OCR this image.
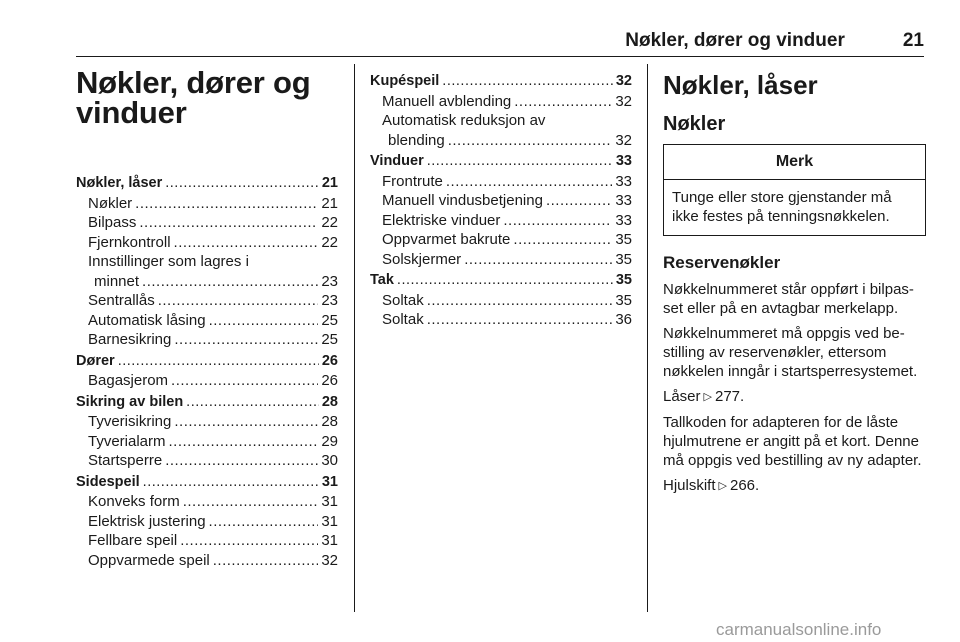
Nøkler, dører og vinduer	21
Nøkler, dører og vinduer
Nøkler, låser .....	21
Nøkler .....	21
Bilpass .....	22
Fjernkontroll .....	22
Innstillinger som lagres i
minnet .....	23
Sentrallås .....	23
Automatisk låsing .....	25
Barnesikring .....	25
Dører .....	26
Bagasjerom .....	26
Sikring av bilen .....	28
Tyverisikring .....	28
Tyverialarm .....	29
Startsperre .....	30
Sidespeil .....	31
Konveks form .....	31
Elektrisk justering .....	31
Fellbare speil .....	31
Oppvarmede speil .....	32
Kupéspeil .....	32
Manuell avblending .....	32
Automatisk reduksjon av
blending .....	32
Vinduer .....	33
Frontrute .....	33
Manuell vindusbetjening .....	33
Elektriske vinduer .....	33
Oppvarmet bakrute .....	35
Solskjermer .....	35
Tak .....	35
Soltak .....	35
Soltak .....	36
Nøkler, låser
Nøkler
Merk
Tunge eller store gjenstander må ikke festes på tenningsnøkkelen.
Reservenøkler

Nøkkelnummeret står oppført i bilpasset eller på en avtagbar merkelapp.

Nøkkelnummeret må oppgis ved bestilling av reservenøkler, ettersom nøkkelen inngår i startsperresystemet.

Låser ▷ 277.

Tallkoden for adapteren for de låste hjulmutrene er angitt på et kort. Denne må oppgis ved bestilling av ny adapter.

Hjulskift ▷ 266.

carmanualsonline.info
